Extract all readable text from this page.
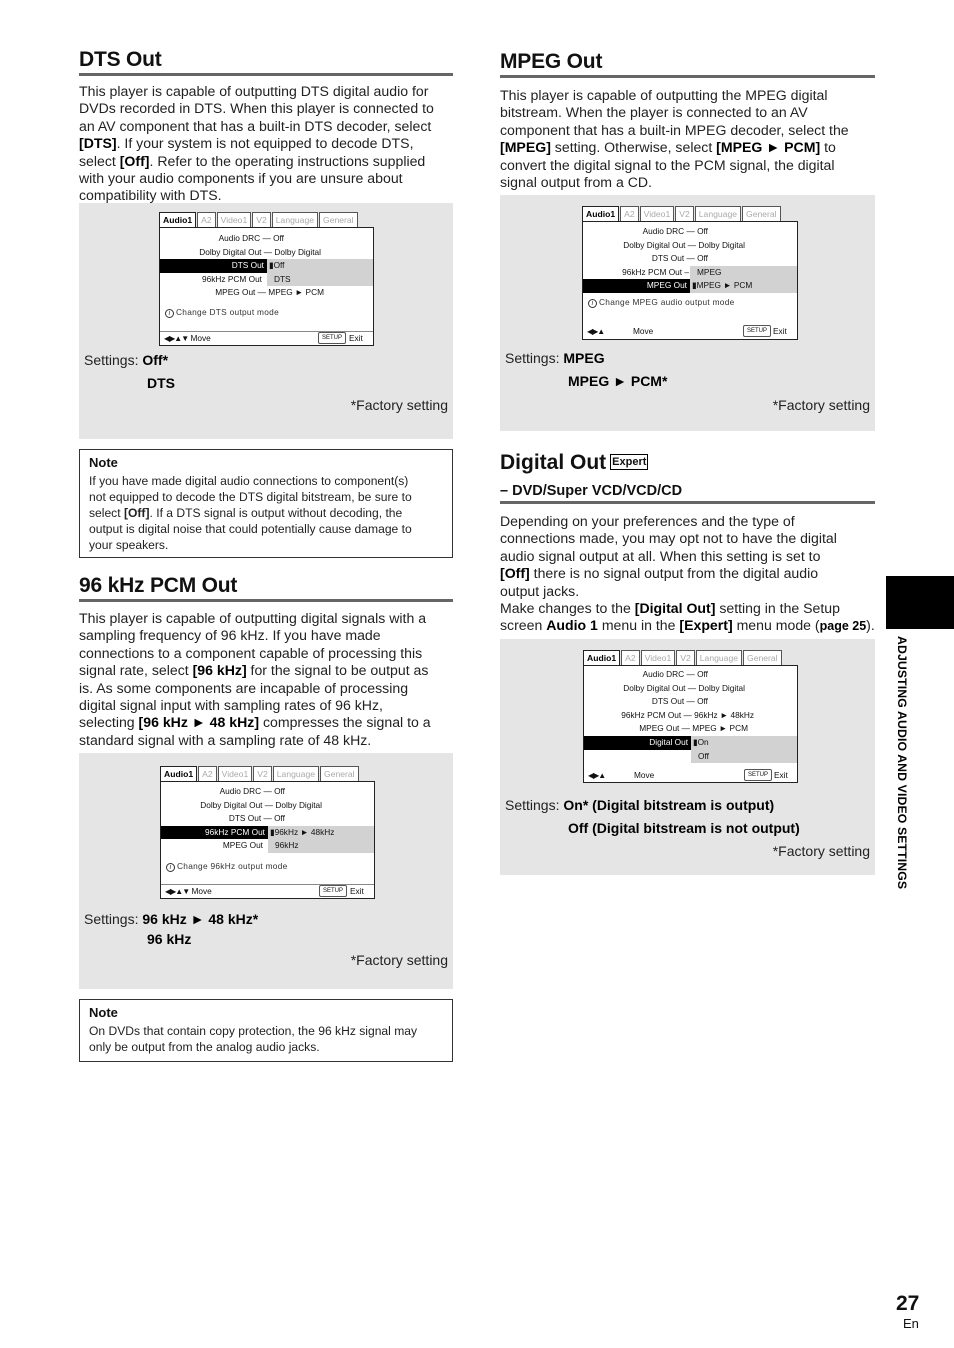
DTS Out
This player is capable of outputting DTS digital audio for
DVDs recorded in DTS. When this player is connected to
an AV component that has a built-in DTS decoder, select
[DTS]. If your system is not equipped to decode DTS,
select [Off]. Refer to the operating instructions supplied
with your audio components if you are unsure about
compatibility with DTS.
Audio1	A2	Video1	V2	Language	General
Audio DRC — Off
Dolby Digital Out — Dolby Digital
DTS Out ▮Off
96kHz PCM Out	DTS
MPEG Out — MPEG ► PCM
i Change DTS output mode
◀▶▲▼ Move	SETUP Exit
Settings: Off*
DTS
*Factory setting
Note
If you have made digital audio connections to component(s)
not equipped to decode the DTS digital bitstream, be sure to
select [Off]. If a DTS signal is output without decoding, the
output is digital noise that could potentially cause damage to
your speakers.
96 kHz PCM Out
This player is capable of outputting digital signals with a
sampling frequency of 96 kHz. If you have made
connections to a component capable of processing this
signal rate, select [96 kHz] for the signal to be output as
is. As some components are incapable of processing
digital signal input with sampling rates of 96 kHz,
selecting [96 kHz ► 48 kHz] compresses the signal to a
standard signal with a sampling rate of 48 kHz.
Audio1	A2	Video1	V2	Language	General
Audio DRC — Off
Dolby Digital Out — Dolby Digital
DTS Out — Off
96kHz PCM Out ▮96kHz ► 48kHz
MPEG Out	96kHz
i Change 96kHz output mode
◀▶▲▼ Move	SETUP Exit
Settings: 96 kHz ► 48 kHz*
96 kHz
*Factory setting
Note
On DVDs that contain copy protection, the 96 kHz signal may
only be output from the analog audio jacks.
MPEG Out
This player is capable of outputting the MPEG digital
bitstream. When the player is connected to an AV
component that has a built-in MPEG decoder, select the
[MPEG] setting. Otherwise, select [MPEG ► PCM] to
convert the digital signal to the PCM signal, the digital
signal output from a CD.
Audio1	A2	Video1	V2	Language	General
Audio DRC — Off
Dolby Digital Out — Dolby Digital
DTS Out — Off
96kHz PCM Out – MPEG
MPEG Out ▮MPEG ► PCM
i Change MPEG audio output mode
◀▶▲	Move	SETUP Exit
Settings: MPEG
MPEG ► PCM*
*Factory setting
Digital Out Expert
– DVD/Super VCD/VCD/CD
Depending on your preferences and the type of
connections made, you may opt not to have the digital
audio signal output at all. When this setting is set to
[Off] there is no signal output from the digital audio
output jacks.
Make changes to the [Digital Out] setting in the Setup
screen Audio 1 menu in the [Expert] menu mode (page 25).
Audio1	A2	Video1	V2	Language	General
Audio DRC — Off
Dolby Digital Out — Dolby Digital
DTS Out — Off
96kHz PCM Out — 96kHz ► 48kHz
MPEG Out — MPEG ► PCM
Digital Out ▮On
Off
◀▶▲	Move	SETUP Exit
Settings: On* (Digital bitstream is output)
Off (Digital bitstream is not output)
*Factory setting ADJUSTING AUDIO AND VIDEO SETTINGS
27
En
